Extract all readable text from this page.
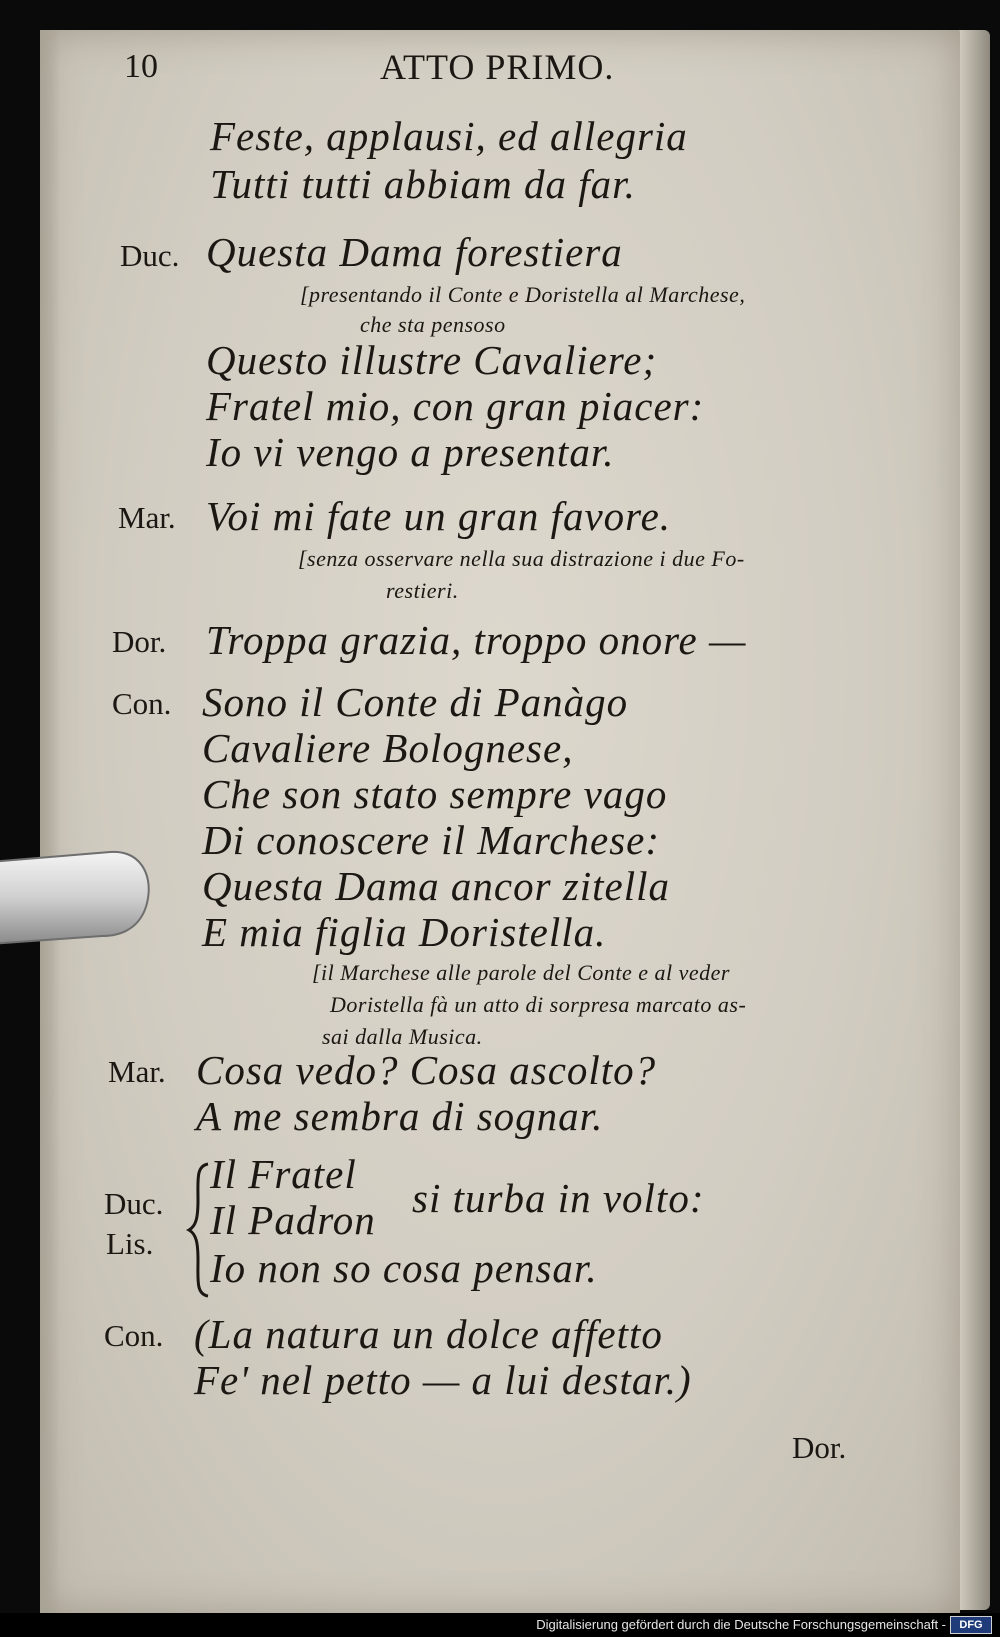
10	ATTO PRIMO.
Feste, applausi, ed allegria
Tutti tutti abbiam da far.
Duc. Questa Dama forestiera
[presentando il Conte e Doristella al Marchese,
che sta pensoso
Questo illustre Cavaliere;
Fratel mio, con gran piacer:
Io vi vengo a presentar.
Mar. Voi mi fate un gran favore.
[senza osservare nella sua distrazione i due Fo-
restieri.
Dor. Troppa grazia, troppo onore —
Con. Sono il Conte di Panàgo
Cavaliere Bolognese,
Che son stato sempre vago
Di conoscere il Marchese:
Questa Dama ancor zitella
E mia figlia Doristella.
[il Marchese alle parole del Conte e al veder
Doristella fà un atto di sorpresa marcato as-
sai dalla Musica.
Mar. Cosa vedo? Cosa ascolto?
A me sembra di sognar.
Duc.
Lis.
Il Fratel
Il Padron si turba in volto:
Io non so cosa pensar.
Con. (La natura un dolce affetto
Fe' nel petto — a lui destar.)
Dor.
Digitalisierung gefördert durch die Deutsche Forschungsgemeinschaft -	DFG
